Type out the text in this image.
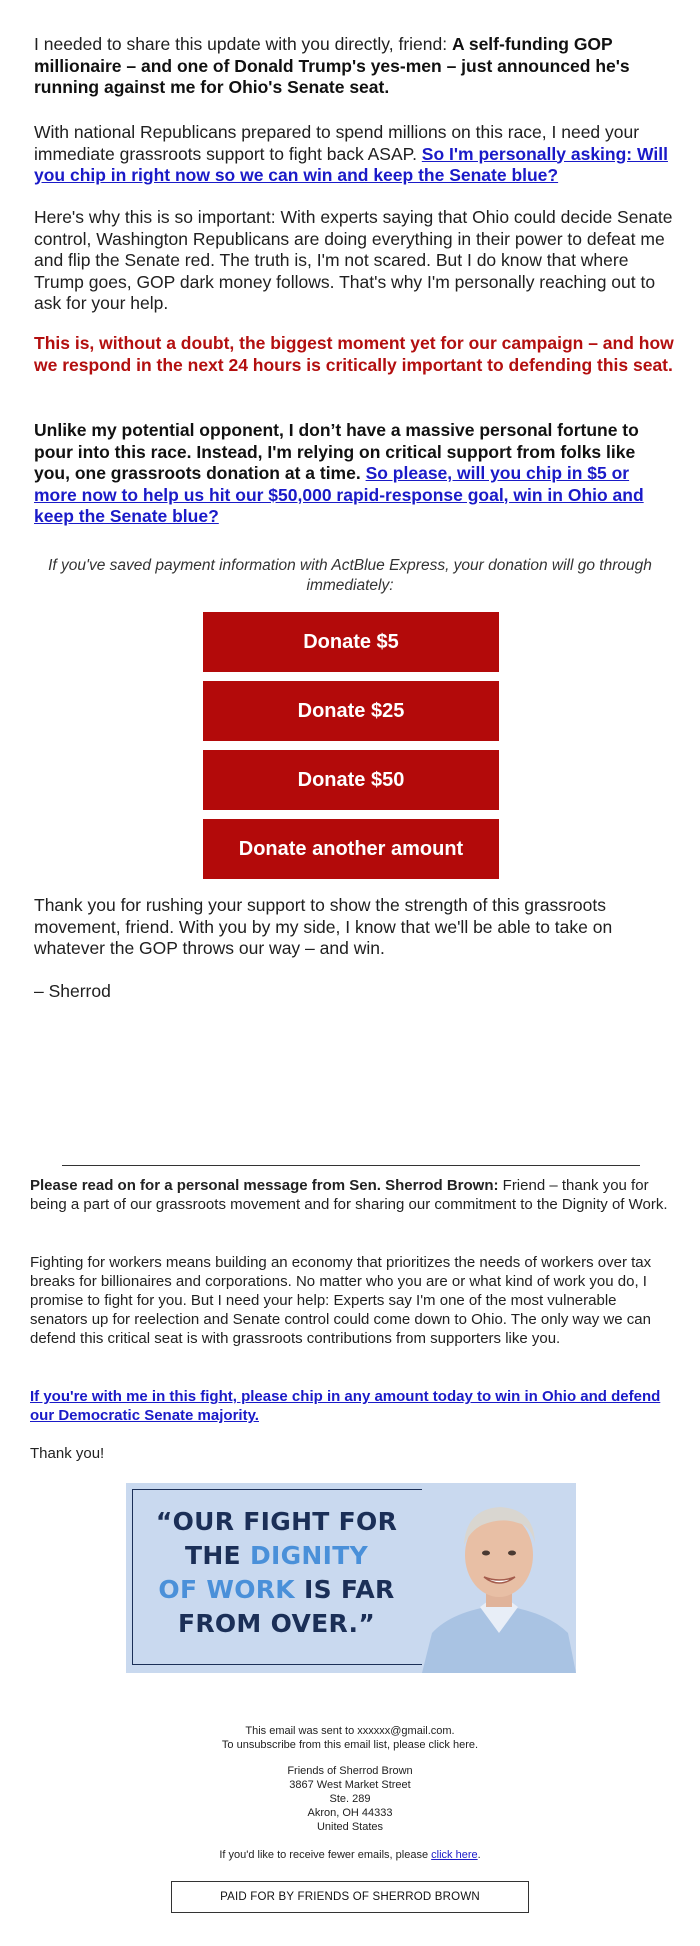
I needed to share this update with you directly, friend: A self-funding GOP millionaire – and one of Donald Trump's yes-men – just announced he's running against me for Ohio's Senate seat.

With national Republicans prepared to spend millions on this race, I need your immediate grassroots support to fight back ASAP. So I'm personally asking: Will you chip in right now so we can win and keep the Senate blue?

Here's why this is so important: With experts saying that Ohio could decide Senate control, Washington Republicans are doing everything in their power to defeat me and flip the Senate red. The truth is, I'm not scared. But I do know that where Trump goes, GOP dark money follows. That's why I'm personally reaching out to ask for your help.

This is, without a doubt, the biggest moment yet for our campaign – and how we respond in the next 24 hours is critically important to defending this seat.

Unlike my potential opponent, I don’t have a massive personal fortune to pour into this race. Instead, I'm relying on critical support from folks like you, one grassroots donation at a time. So please, will you chip in $5 or more now to help us hit our $50,000 rapid-response goal, win in Ohio and keep the Senate blue?

If you've saved payment information with ActBlue Express, your donation will go through immediately:
Donate $5
Donate $25
Donate $50
Donate another amount

Thank you for rushing your support to show the strength of this grassroots movement, friend. With you by my side, I know that we'll be able to take on whatever the GOP throws our way – and win.

– Sherrod

Please read on for a personal message from Sen. Sherrod Brown: Friend – thank you for being a part of our grassroots movement and for sharing our commitment to the Dignity of Work.

Fighting for workers means building an economy that prioritizes the needs of workers over tax breaks for billionaires and corporations. No matter who you are or what kind of work you do, I promise to fight for you. But I need your help: Experts say I'm one of the most vulnerable senators up for reelection and Senate control could come down to Ohio. The only way we can defend this critical seat is with grassroots contributions from supporters like you.

If you're with me in this fight, please chip in any amount today to win in Ohio and defend our Democratic Senate majority.

Thank you!

“OUR FIGHT FOR
THE DIGNITY
OF WORK IS FAR
FROM OVER.”
This email was sent to xxxxxx@gmail.com.
To unsubscribe from this email list, please click here.
Friends of Sherrod Brown
3867 West Market Street
Ste. 289
Akron, OH 44333
United States
If you'd like to receive fewer emails, please click here.
PAID FOR BY FRIENDS OF SHERROD BROWN
